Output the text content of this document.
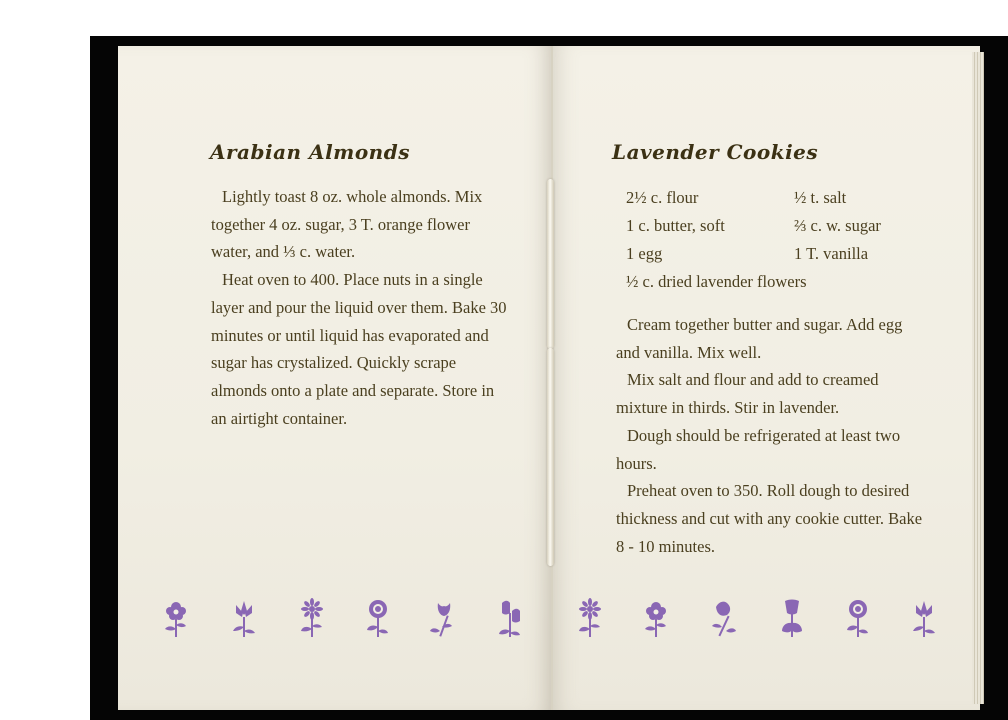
Arabian Almonds

Lightly toast 8 oz. whole almonds. Mix together 4 oz. sugar, 3 T. orange flower water, and ⅓ c. water.

Heat oven to 400. Place nuts in a single layer and pour the liquid over them. Bake 30 minutes or until liquid has evaporated and sugar has crystalized. Quickly scrape almonds onto a plate and separate. Store in an airtight container.

Lavender Cookies
2½ c. flour	½ t. salt
1 c. butter, soft	⅔ c. w. sugar
1 egg	1 T. vanilla
½ c. dried lavender flowers

Cream together butter and sugar. Add egg and vanilla. Mix well.

Mix salt and flour and add to creamed mixture in thirds. Stir in lavender.

Dough should be refrigerated at least two hours.

Preheat oven to 350. Roll dough to desired thickness and cut with any cookie cutter. Bake 8 - 10 minutes.
